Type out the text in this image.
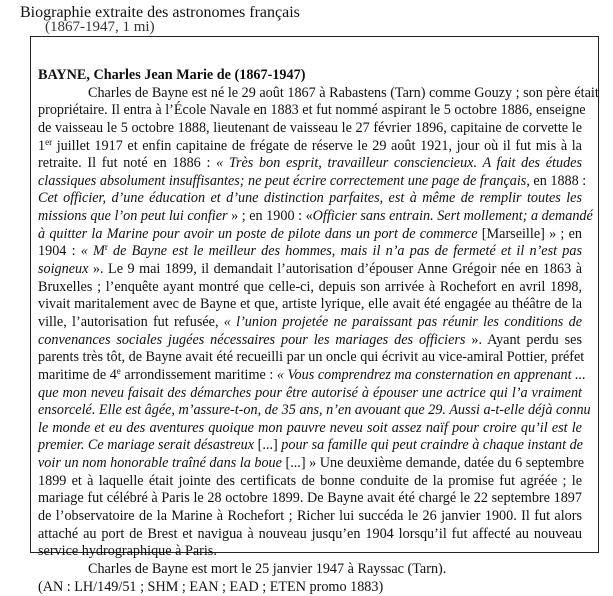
Biographie extraite des astronomes français
(1867-1947, 1 mi)
BAYNE, Charles Jean Marie de (1867-1947)
Charles de Bayne est né le 29 août 1867 à Rabastens (Tarn) comme Gouzy ; son père était
propriétaire. Il entra à l’École Navale en 1883 et fut nommé aspirant le 5 octobre 1886, enseigne
de vaisseau le 5 octobre 1888, lieutenant de vaisseau le 27 février 1896, capitaine de corvette le
1er juillet 1917 et enfin capitaine de frégate de réserve le 29 août 1921, jour où il fut mis à la
retraite. Il fut noté en 1886 : « Très bon esprit, travailleur consciencieux. A fait des études
classiques absolument insuffisantes; ne peut écrire correctement une page de français, en 1888 :
Cet officier, d’une éducation et d’une distinction parfaites, est à même de remplir toutes les
missions que l’on peut lui confier » ; en 1900 : «Officier sans entrain. Sert mollement; a demandé
à quitter la Marine pour avoir un poste de pilote dans un port de commerce [Marseille] » ; en
1904 : « $M^r$ de Bayne est le meilleur des hommes, mais il n’a pas de fermeté et il n’est pas
soigneux ». Le 9 mai 1899, il demandait l’autorisation d’épouser Anne Grégoir née en 1863 à
Bruxelles ; l’enquête ayant montré que celle-ci, depuis son arrivée à Rochefort en avril 1898,
vivait maritalement avec de Bayne et que, artiste lyrique, elle avait été engagée au théâtre de la
ville, l’autorisation fut refusée, « l’union projetée ne paraissant pas réunir les conditions de
convenances sociales jugées nécessaires pour les mariages des officiers ». Ayant perdu ses
parents très tôt, de Bayne avait été recueilli par un oncle qui écrivit au vice-amiral Pottier, préfet
maritime de 4e arrondissement maritime : « Vous comprendrez ma consternation en apprenant ...
que mon neveu faisait des démarches pour être autorisé à épouser une actrice qui l’a vraiment
ensorcelé. Elle est âgée, m’assure-t-on, de 35 ans, n’en avouant que 29. Aussi a-t-elle déjà connu
le monde et eu des aventures quoique mon pauvre neveu soit assez naïf pour croire qu’il est le
premier. Ce mariage serait désastreux [...] pour sa famille qui peut craindre à chaque instant de
voir un nom honorable traîné dans la boue [...] » Une deuxième demande, datée du 6 septembre
1899 et à laquelle était jointe des certificats de bonne conduite de la promise fut agréée ; le
mariage fut célébré à Paris le 28 octobre 1899. De Bayne avait été chargé le 22 septembre 1897
de l’observatoire de la Marine à Rochefort ; Richer lui succéda le 26 janvier 1900. Il fut alors
attaché au port de Brest et navigua à nouveau jusqu’en 1904 lorsqu’il fut affecté au nouveau
service hydrographique à Paris.
Charles de Bayne est mort le 25 janvier 1947 à Rayssac (Tarn).
(AN : LH/149/51 ; SHM ; EAN ; EAD ; ETEN promo 1883)
